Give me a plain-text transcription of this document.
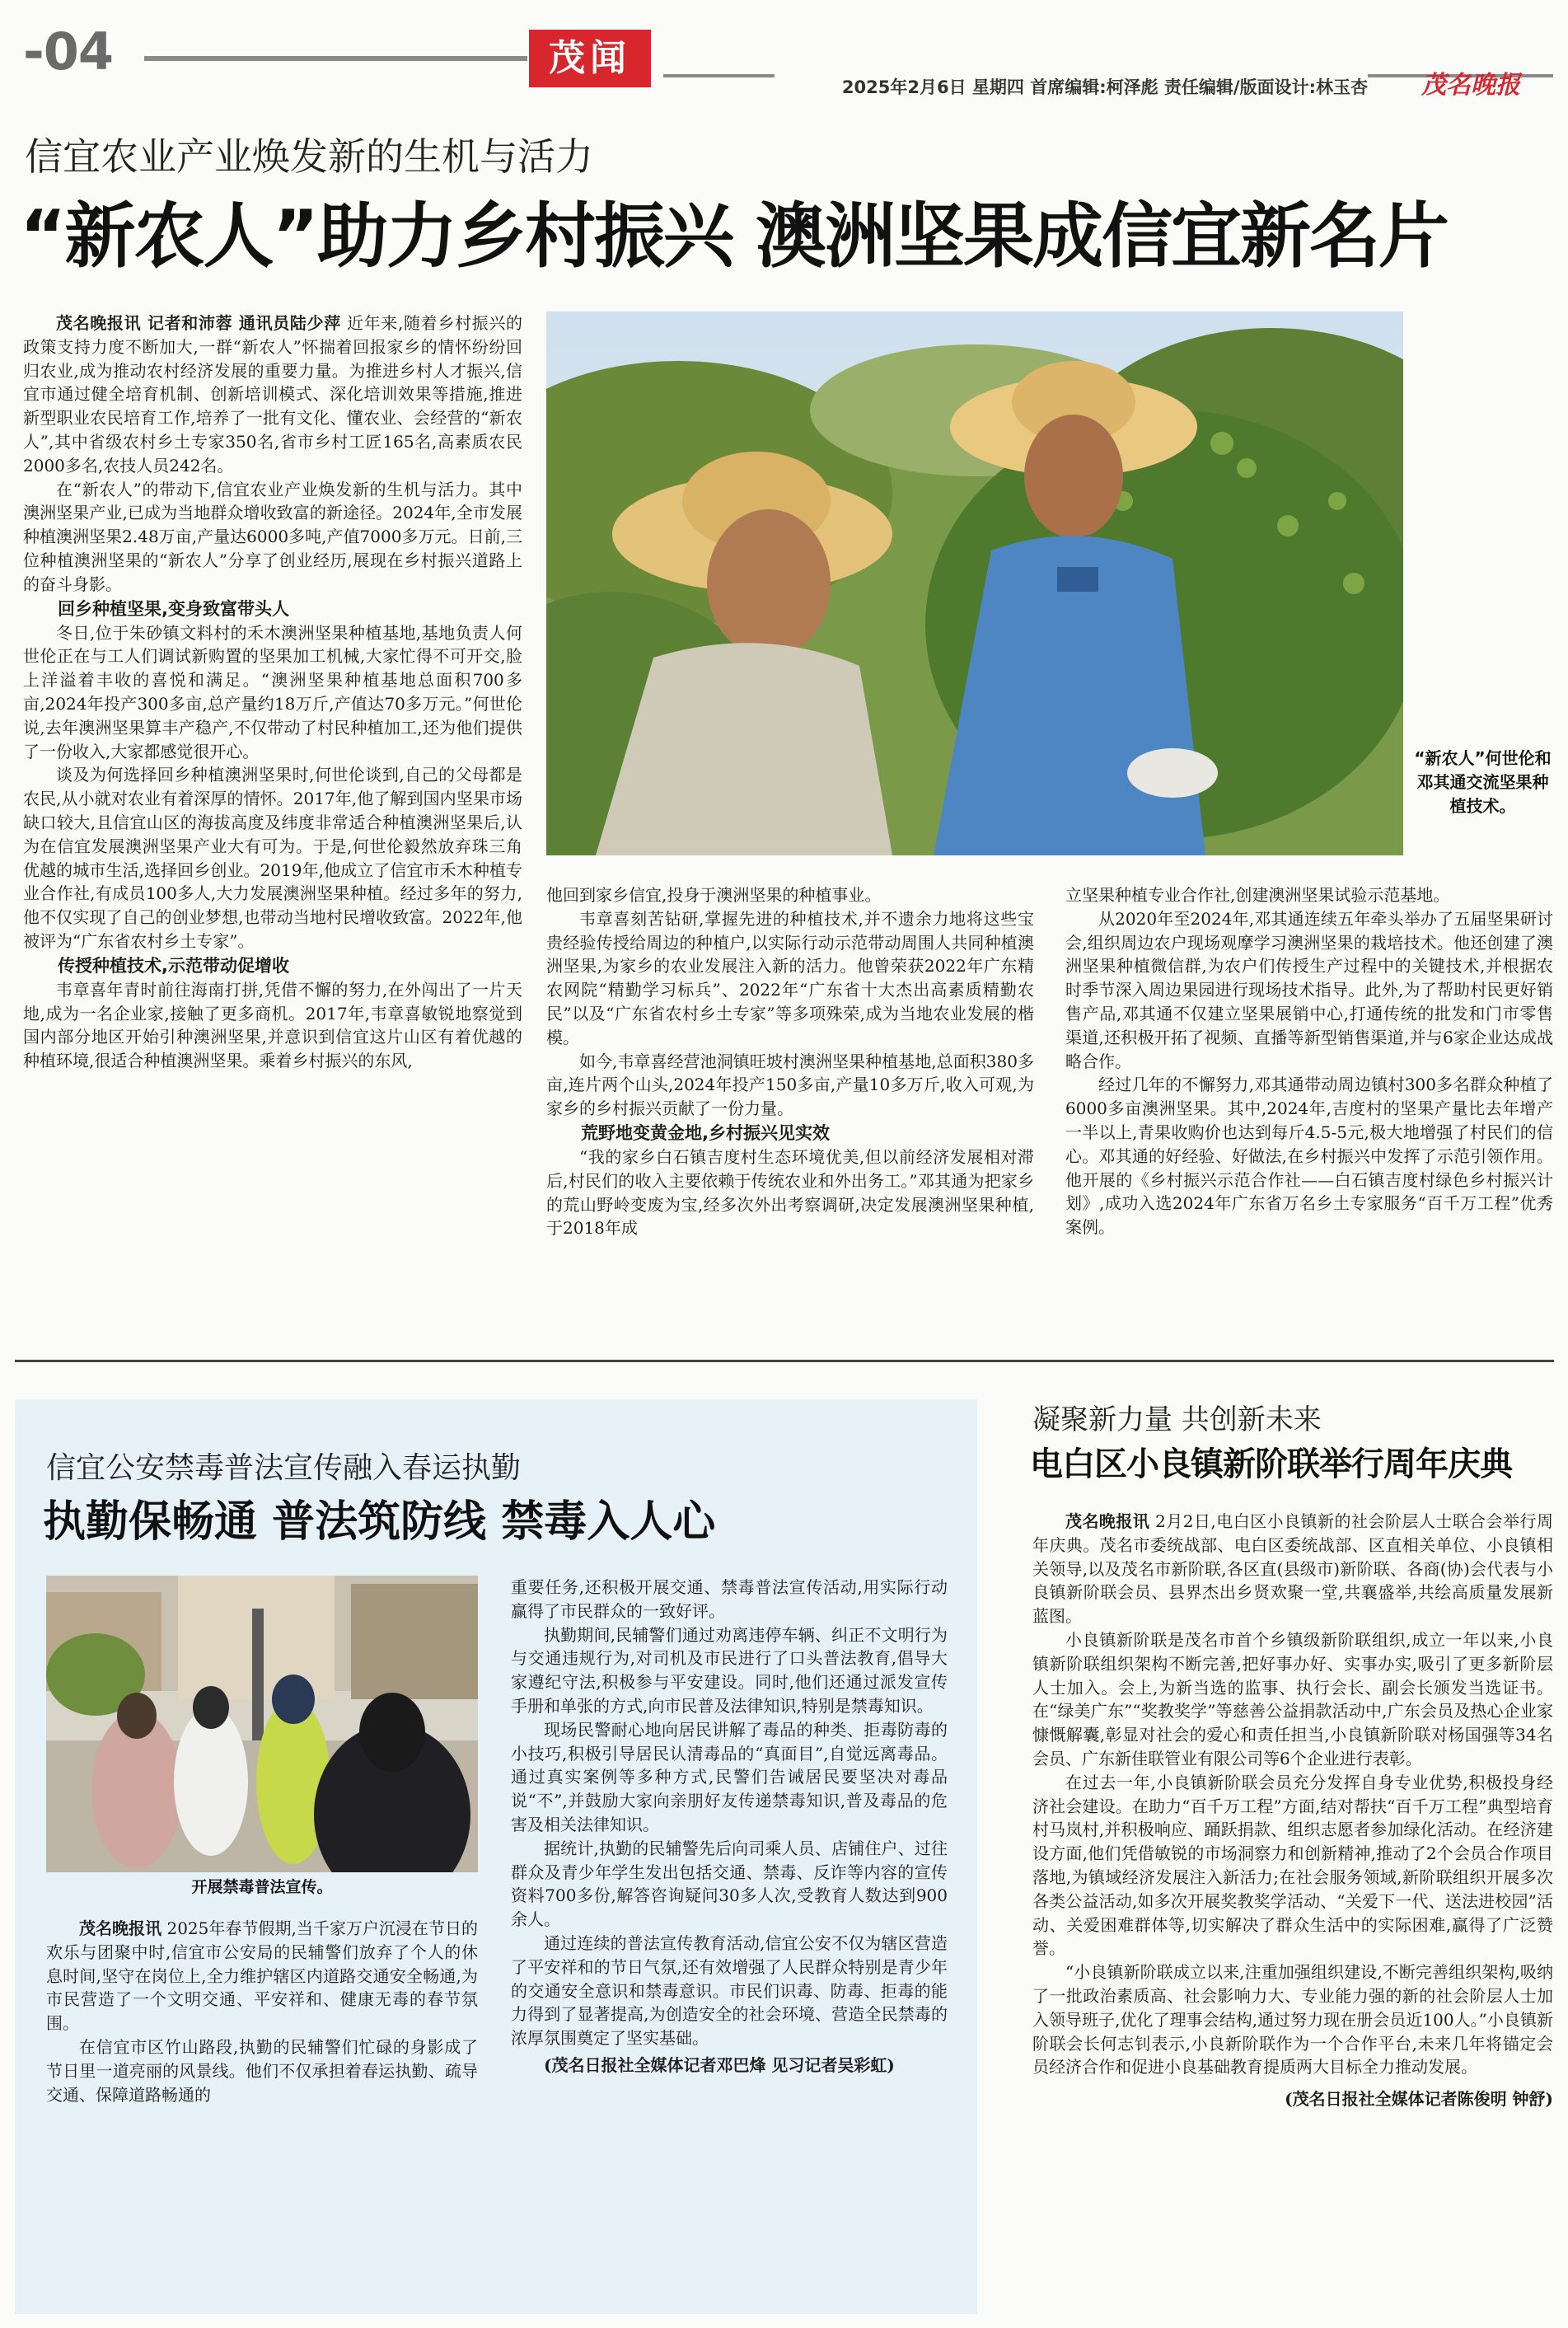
-04	茂闻
2025年2月6日 星期四 首席编辑:柯泽彪 责任编辑/版面设计:林玉杏	茂名晚报
信宜农业产业焕发新的生机与活力
“新农人”助力乡村振兴 澳洲坚果成信宜新名片
“新农人”何世伦和邓其通交流坚果种植技术。

茂名晚报讯 记者和沛蓉 通讯员陆少萍 近年来,随着乡村振兴的政策支持力度不断加大,一群“新农人”怀揣着回报家乡的情怀纷纷回归农业,成为推动农村经济发展的重要力量。为推进乡村人才振兴,信宜市通过健全培育机制、创新培训模式、深化培训效果等措施,推进新型职业农民培育工作,培养了一批有文化、懂农业、会经营的“新农人”,其中省级农村乡土专家350名,省市乡村工匠165名,高素质农民2000多名,农技人员242名。

在“新农人”的带动下,信宜农业产业焕发新的生机与活力。其中澳洲坚果产业,已成为当地群众增收致富的新途径。2024年,全市发展种植澳洲坚果2.48万亩,产量达6000多吨,产值7000多万元。日前,三位种植澳洲坚果的“新农人”分享了创业经历,展现在乡村振兴道路上的奋斗身影。

回乡种植坚果,变身致富带头人

冬日,位于朱砂镇文料村的禾木澳洲坚果种植基地,基地负责人何世伦正在与工人们调试新购置的坚果加工机械,大家忙得不可开交,脸上洋溢着丰收的喜悦和满足。“澳洲坚果种植基地总面积700多亩,2024年投产300多亩,总产量约18万斤,产值达70多万元。”何世伦说,去年澳洲坚果算丰产稳产,不仅带动了村民种植加工,还为他们提供了一份收入,大家都感觉很开心。

谈及为何选择回乡种植澳洲坚果时,何世伦谈到,自己的父母都是农民,从小就对农业有着深厚的情怀。2017年,他了解到国内坚果市场缺口较大,且信宜山区的海拔高度及纬度非常适合种植澳洲坚果后,认为在信宜发展澳洲坚果产业大有可为。于是,何世伦毅然放弃珠三角优越的城市生活,选择回乡创业。2019年,他成立了信宜市禾木种植专业合作社,有成员100多人,大力发展澳洲坚果种植。经过多年的努力,他不仅实现了自己的创业梦想,也带动当地村民增收致富。2022年,他被评为“广东省农村乡土专家”。

传授种植技术,示范带动促增收

韦章喜年青时前往海南打拼,凭借不懈的努力,在外闯出了一片天地,成为一名企业家,接触了更多商机。2017年,韦章喜敏锐地察觉到国内部分地区开始引种澳洲坚果,并意识到信宜这片山区有着优越的种植环境,很适合种植澳洲坚果。乘着乡村振兴的东风,

他回到家乡信宜,投身于澳洲坚果的种植事业。

韦章喜刻苦钻研,掌握先进的种植技术,并不遗余力地将这些宝贵经验传授给周边的种植户,以实际行动示范带动周围人共同种植澳洲坚果,为家乡的农业发展注入新的活力。他曾荣获2022年广东精农网院“精勤学习标兵”、2022年“广东省十大杰出高素质精勤农民”以及“广东省农村乡土专家”等多项殊荣,成为当地农业发展的楷模。

如今,韦章喜经营池洞镇旺坡村澳洲坚果种植基地,总面积380多亩,连片两个山头,2024年投产150多亩,产量10多万斤,收入可观,为家乡的乡村振兴贡献了一份力量。

荒野地变黄金地,乡村振兴见实效

“我的家乡白石镇吉度村生态环境优美,但以前经济发展相对滞后,村民们的收入主要依赖于传统农业和外出务工。”邓其通为把家乡的荒山野岭变废为宝,经多次外出考察调研,决定发展澳洲坚果种植,于2018年成

立坚果种植专业合作社,创建澳洲坚果试验示范基地。

从2020年至2024年,邓其通连续五年牵头举办了五届坚果研讨会,组织周边农户现场观摩学习澳洲坚果的栽培技术。他还创建了澳洲坚果种植微信群,为农户们传授生产过程中的关键技术,并根据农时季节深入周边果园进行现场技术指导。此外,为了帮助村民更好销售产品,邓其通不仅建立坚果展销中心,打通传统的批发和门市零售渠道,还积极开拓了视频、直播等新型销售渠道,并与6家企业达成战略合作。

经过几年的不懈努力,邓其通带动周边镇村300多名群众种植了6000多亩澳洲坚果。其中,2024年,吉度村的坚果产量比去年增产一半以上,青果收购价也达到每斤4.5-5元,极大地增强了村民们的信心。邓其通的好经验、好做法,在乡村振兴中发挥了示范引领作用。他开展的《乡村振兴示范合作社——白石镇吉度村绿色乡村振兴计划》,成功入选2024年广东省万名乡土专家服务“百千万工程”优秀案例。

信宜公安禁毒普法宣传融入春运执勤
执勤保畅通 普法筑防线 禁毒入人心
开展禁毒普法宣传。

茂名晚报讯 2025年春节假期,当千家万户沉浸在节日的欢乐与团聚中时,信宜市公安局的民辅警们放弃了个人的休息时间,坚守在岗位上,全力维护辖区内道路交通安全畅通,为市民营造了一个文明交通、平安祥和、健康无毒的春节氛围。

在信宜市区竹山路段,执勤的民辅警们忙碌的身影成了节日里一道亮丽的风景线。他们不仅承担着春运执勤、疏导交通、保障道路畅通的

重要任务,还积极开展交通、禁毒普法宣传活动,用实际行动赢得了市民群众的一致好评。

执勤期间,民辅警们通过劝离违停车辆、纠正不文明行为与交通违规行为,对司机及市民进行了口头普法教育,倡导大家遵纪守法,积极参与平安建设。同时,他们还通过派发宣传手册和单张的方式,向市民普及法律知识,特别是禁毒知识。

现场民警耐心地向居民讲解了毒品的种类、拒毒防毒的小技巧,积极引导居民认清毒品的“真面目”,自觉远离毒品。通过真实案例等多种方式,民警们告诫居民要坚决对毒品说“不”,并鼓励大家向亲朋好友传递禁毒知识,普及毒品的危害及相关法律知识。

据统计,执勤的民辅警先后向司乘人员、店铺住户、过往群众及青少年学生发出包括交通、禁毒、反诈等内容的宣传资料700多份,解答咨询疑问30多人次,受教育人数达到900余人。

通过连续的普法宣传教育活动,信宜公安不仅为辖区营造了平安祥和的节日气氛,还有效增强了人民群众特别是青少年的交通安全意识和禁毒意识。市民们识毒、防毒、拒毒的能力得到了显著提高,为创造安全的社会环境、营造全民禁毒的浓厚氛围奠定了坚实基础。

(茂名日报社全媒体记者邓巴烽 见习记者吴彩虹)

凝聚新力量 共创新未来
电白区小良镇新阶联举行周年庆典

茂名晚报讯 2月2日,电白区小良镇新的社会阶层人士联合会举行周年庆典。茂名市委统战部、电白区委统战部、区直相关单位、小良镇相关领导,以及茂名市新阶联,各区直(县级市)新阶联、各商(协)会代表与小良镇新阶联会员、县界杰出乡贤欢聚一堂,共襄盛举,共绘高质量发展新蓝图。

小良镇新阶联是茂名市首个乡镇级新阶联组织,成立一年以来,小良镇新阶联组织架构不断完善,把好事办好、实事办实,吸引了更多新阶层人士加入。会上,为新当选的监事、执行会长、副会长颁发当选证书。在“绿美广东”“奖教奖学”等慈善公益捐款活动中,广东会员及热心企业家慷慨解囊,彰显对社会的爱心和责任担当,小良镇新阶联对杨国强等34名会员、广东新佳联管业有限公司等6个企业进行表彰。

在过去一年,小良镇新阶联会员充分发挥自身专业优势,积极投身经济社会建设。在助力“百千万工程”方面,结对帮扶“百千万工程”典型培育村马岚村,并积极响应、踊跃捐款、组织志愿者参加绿化活动。在经济建设方面,他们凭借敏锐的市场洞察力和创新精神,推动了2个会员合作项目落地,为镇域经济发展注入新活力;在社会服务领域,新阶联组织开展多次各类公益活动,如多次开展奖教奖学活动、“关爱下一代、送法进校园”活动、关爱困难群体等,切实解决了群众生活中的实际困难,赢得了广泛赞誉。

“小良镇新阶联成立以来,注重加强组织建设,不断完善组织架构,吸纳了一批政治素质高、社会影响力大、专业能力强的新的社会阶层人士加入领导班子,优化了理事会结构,通过努力现在册会员近100人。”小良镇新阶联会长何志钊表示,小良新阶联作为一个合作平台,未来几年将锚定会员经济合作和促进小良基础教育提质两大目标全力推动发展。

(茂名日报社全媒体记者陈俊明 钟舒)
